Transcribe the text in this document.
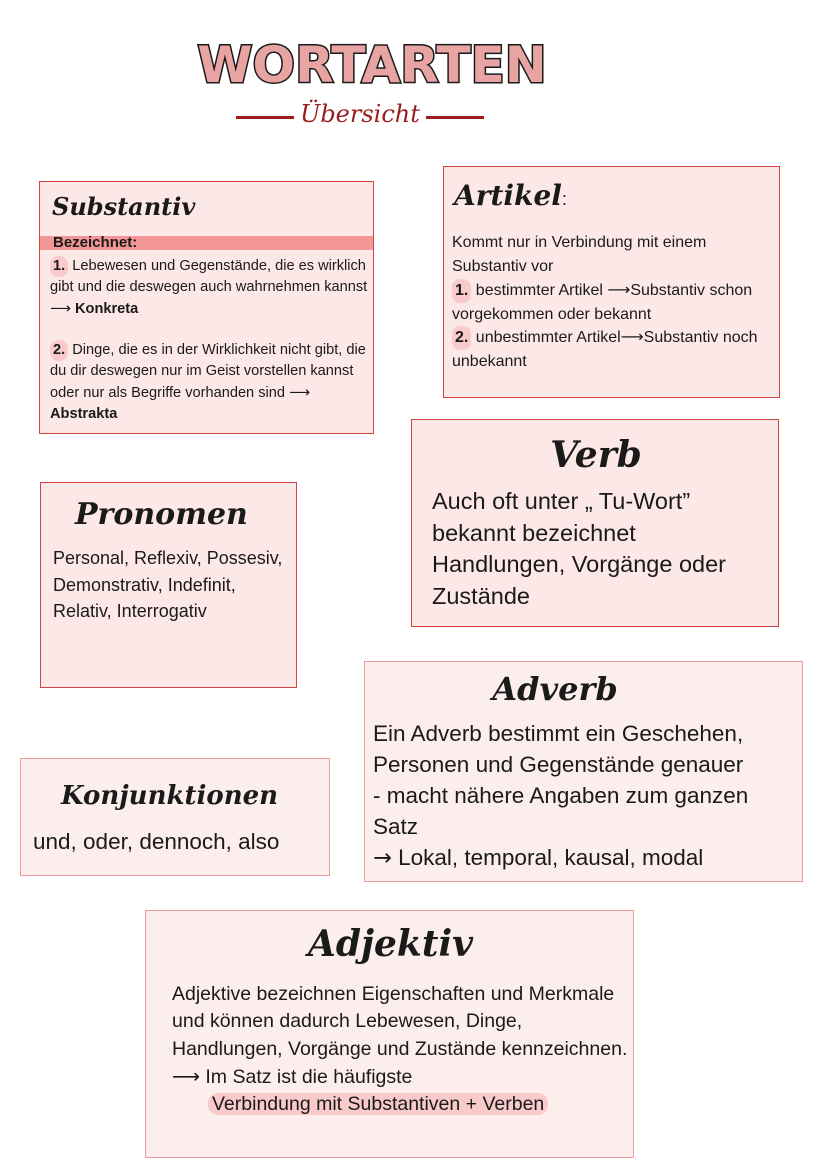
WORTARTEN
Übersicht
Substantiv
Bezeichnet:
1. Lebewesen und Gegenstände, die es wirklich gibt und die deswegen auch wahrnehmen kannst ⟶ Konkreta
2. Dinge, die es in der Wirklichkeit nicht gibt, die du dir deswegen nur im Geist vorstellen kannst oder nur als Begriffe vorhanden sind ⟶ Abstrakta
Artikel:
Kommt nur in Verbindung mit einem Substantiv vor
1. bestimmter Artikel ⟶Substantiv schon vorgekommen oder bekannt
2. unbestimmter Artikel⟶Substantiv noch unbekannt
Verb
Auch oft unter „ Tu-Wort” bekannt bezeichnet Handlungen, Vorgänge oder Zustände
Pronomen
Personal, Reflexiv, Possesiv, Demonstrativ, Indefinit, Relativ, Interrogativ
Adverb
Ein Adverb bestimmt ein Geschehen,
Personen und Gegenstände genauer
- macht nähere Angaben zum ganzen
Satz
→ Lokal, temporal, kausal, modal
Konjunktionen
und, oder, dennoch, also
Adjektiv
Adjektive bezeichnen Eigenschaften und Merkmale und können dadurch Lebewesen, Dinge, Handlungen, Vorgänge und Zustände kennzeichnen.
⟶ Im Satz ist die häufigste
Verbindung mit Substantiven + Verben
